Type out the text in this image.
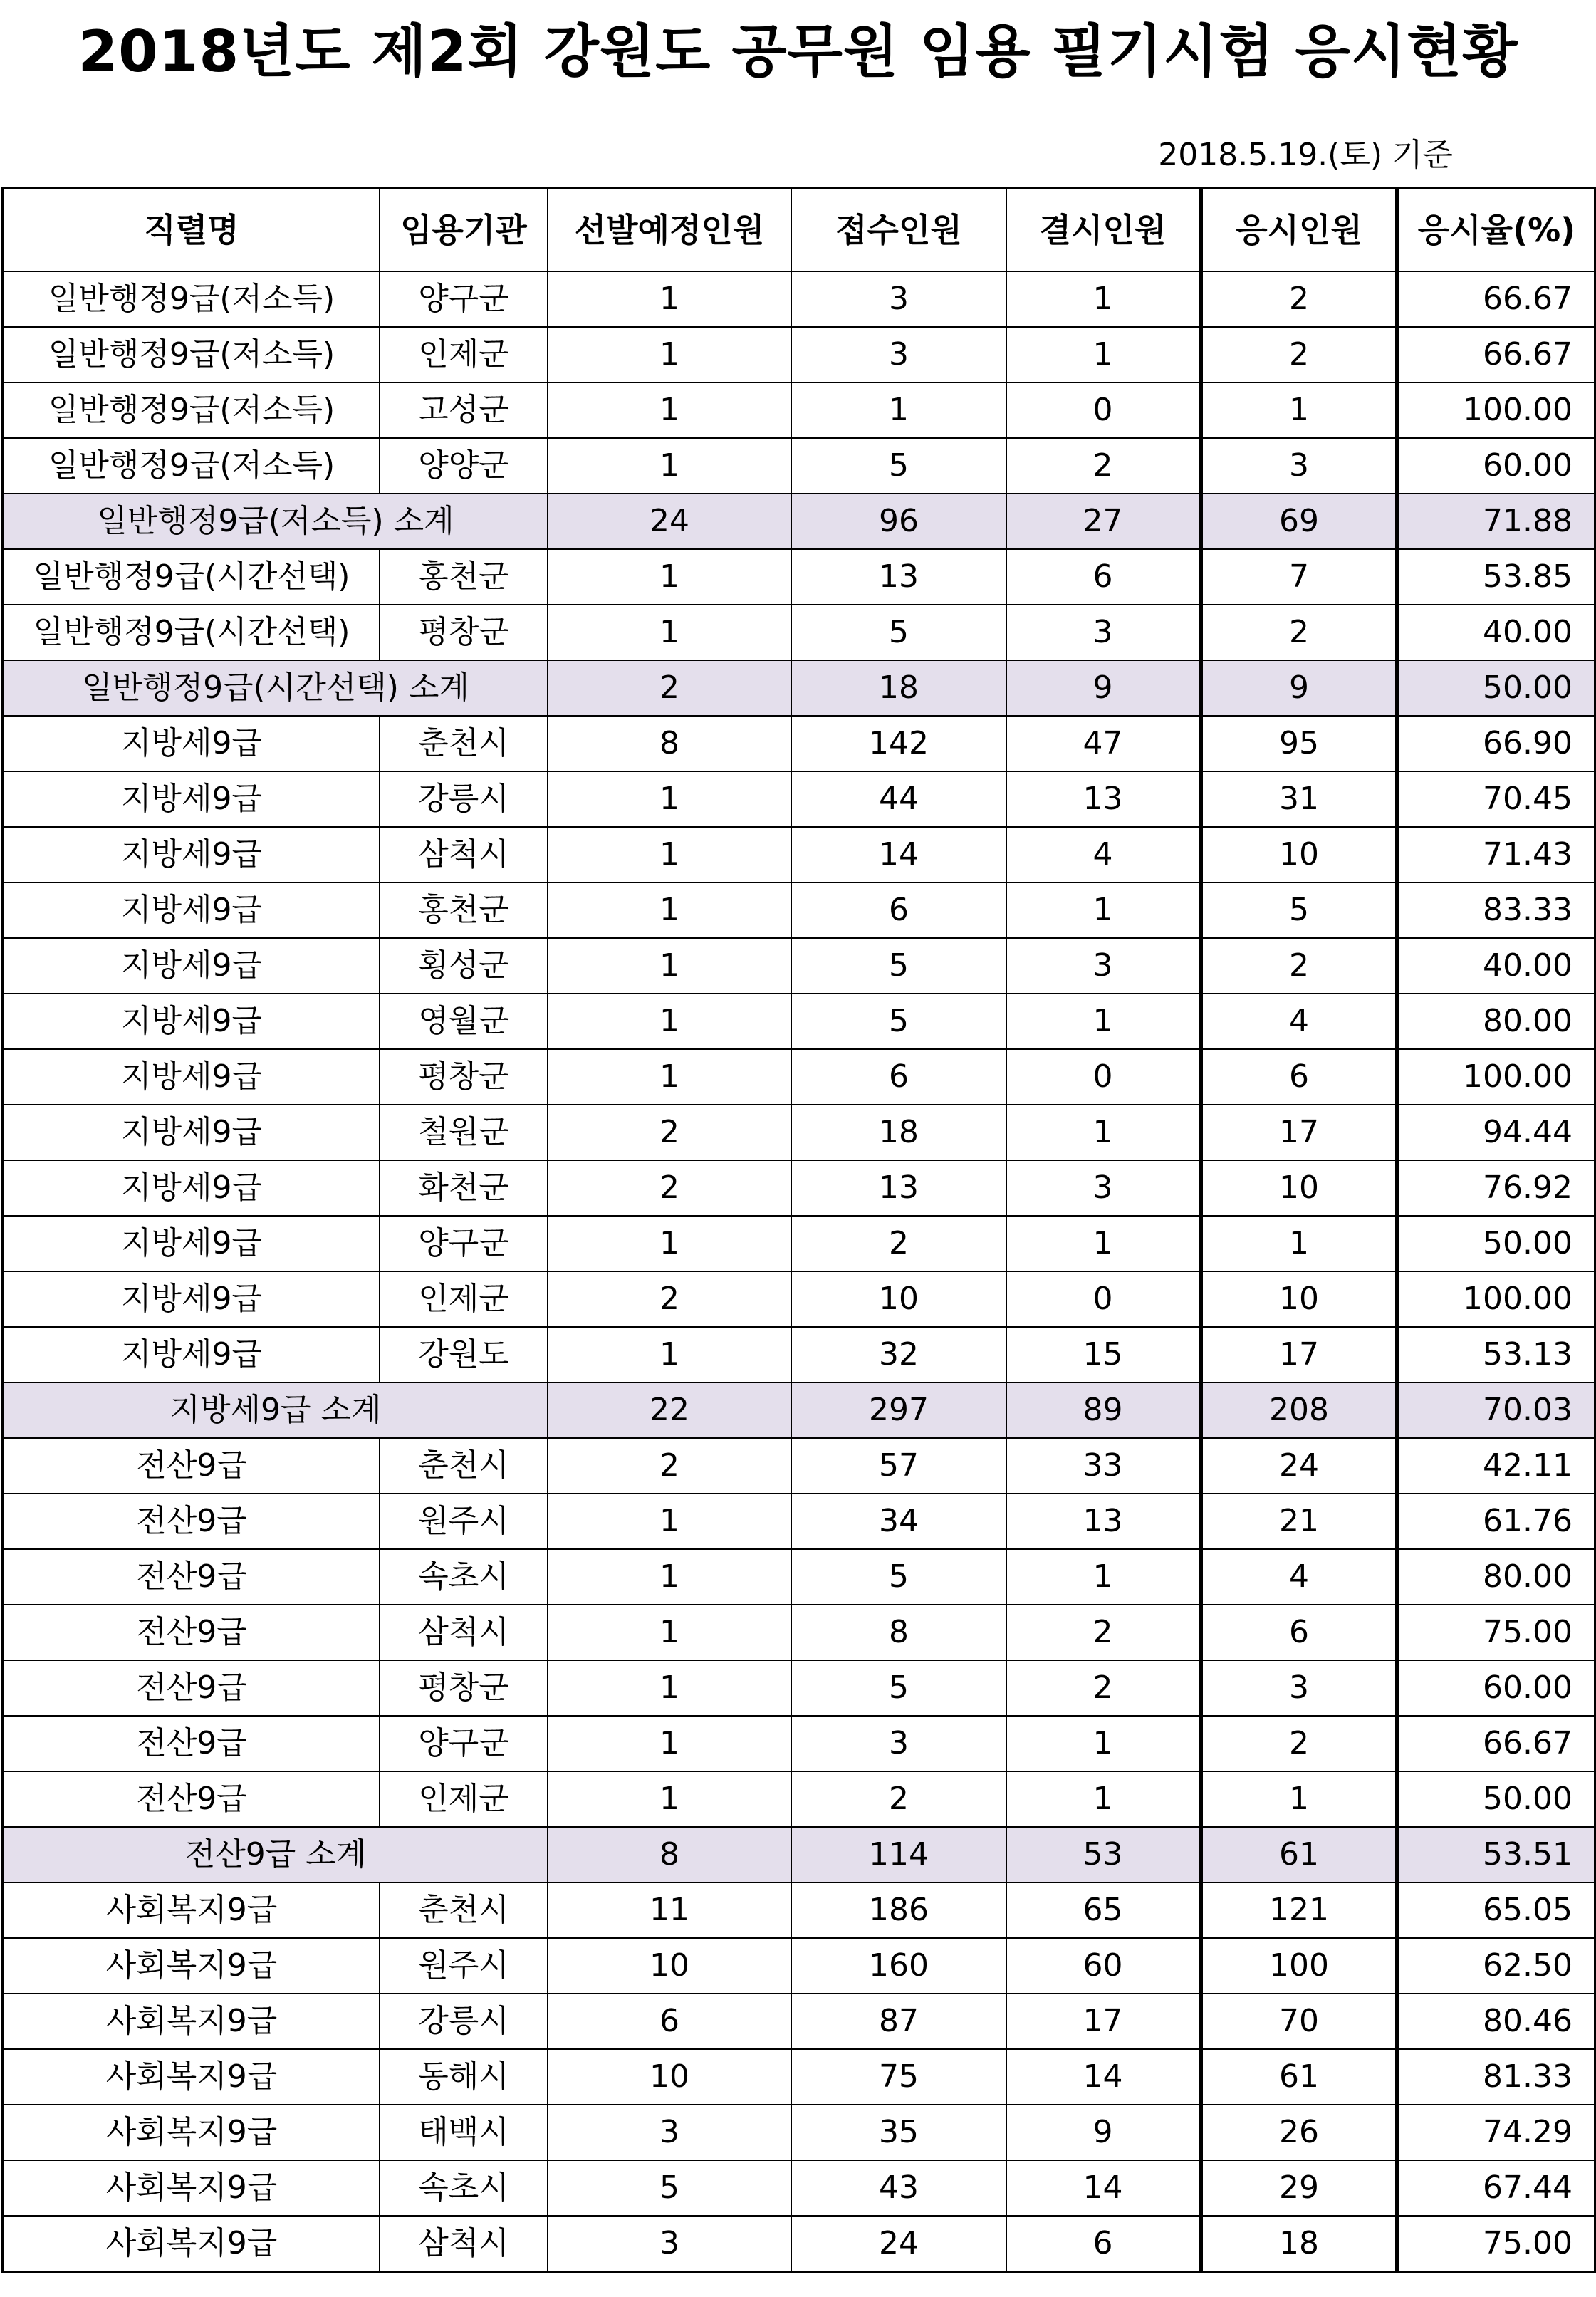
2018년도 제2회 강원도 공무원 임용 필기시험 응시현황
2018.5.19.(토) 기준
직렬명	임용기관	선발예정인원	접수인원	결시인원	응시인원	응시율(%)
일반행정9급(저소득)	양구군	1	3	1	2	66.67
일반행정9급(저소득)	인제군	1	3	1	2	66.67
일반행정9급(저소득)	고성군	1	1	0	1	100.00
일반행정9급(저소득)	양양군	1	5	2	3	60.00
일반행정9급(저소득) 소계		24	96	27	69	71.88
일반행정9급(시간선택)	홍천군	1	13	6	7	53.85
일반행정9급(시간선택)	평창군	1	5	3	2	40.00
일반행정9급(시간선택) 소계		2	18	9	9	50.00
지방세9급	춘천시	8	142	47	95	66.90
지방세9급	강릉시	1	44	13	31	70.45
지방세9급	삼척시	1	14	4	10	71.43
지방세9급	홍천군	1	6	1	5	83.33
지방세9급	횡성군	1	5	3	2	40.00
지방세9급	영월군	1	5	1	4	80.00
지방세9급	평창군	1	6	0	6	100.00
지방세9급	철원군	2	18	1	17	94.44
지방세9급	화천군	2	13	3	10	76.92
지방세9급	양구군	1	2	1	1	50.00
지방세9급	인제군	2	10	0	10	100.00
지방세9급	강원도	1	32	15	17	53.13
지방세9급 소계		22	297	89	208	70.03
전산9급	춘천시	2	57	33	24	42.11
전산9급	원주시	1	34	13	21	61.76
전산9급	속초시	1	5	1	4	80.00
전산9급	삼척시	1	8	2	6	75.00
전산9급	평창군	1	5	2	3	60.00
전산9급	양구군	1	3	1	2	66.67
전산9급	인제군	1	2	1	1	50.00
전산9급 소계		8	114	53	61	53.51
사회복지9급	춘천시	11	186	65	121	65.05
사회복지9급	원주시	10	160	60	100	62.50
사회복지9급	강릉시	6	87	17	70	80.46
사회복지9급	동해시	10	75	14	61	81.33
사회복지9급	태백시	3	35	9	26	74.29
사회복지9급	속초시	5	43	14	29	67.44
사회복지9급	삼척시	3	24	6	18	75.00
